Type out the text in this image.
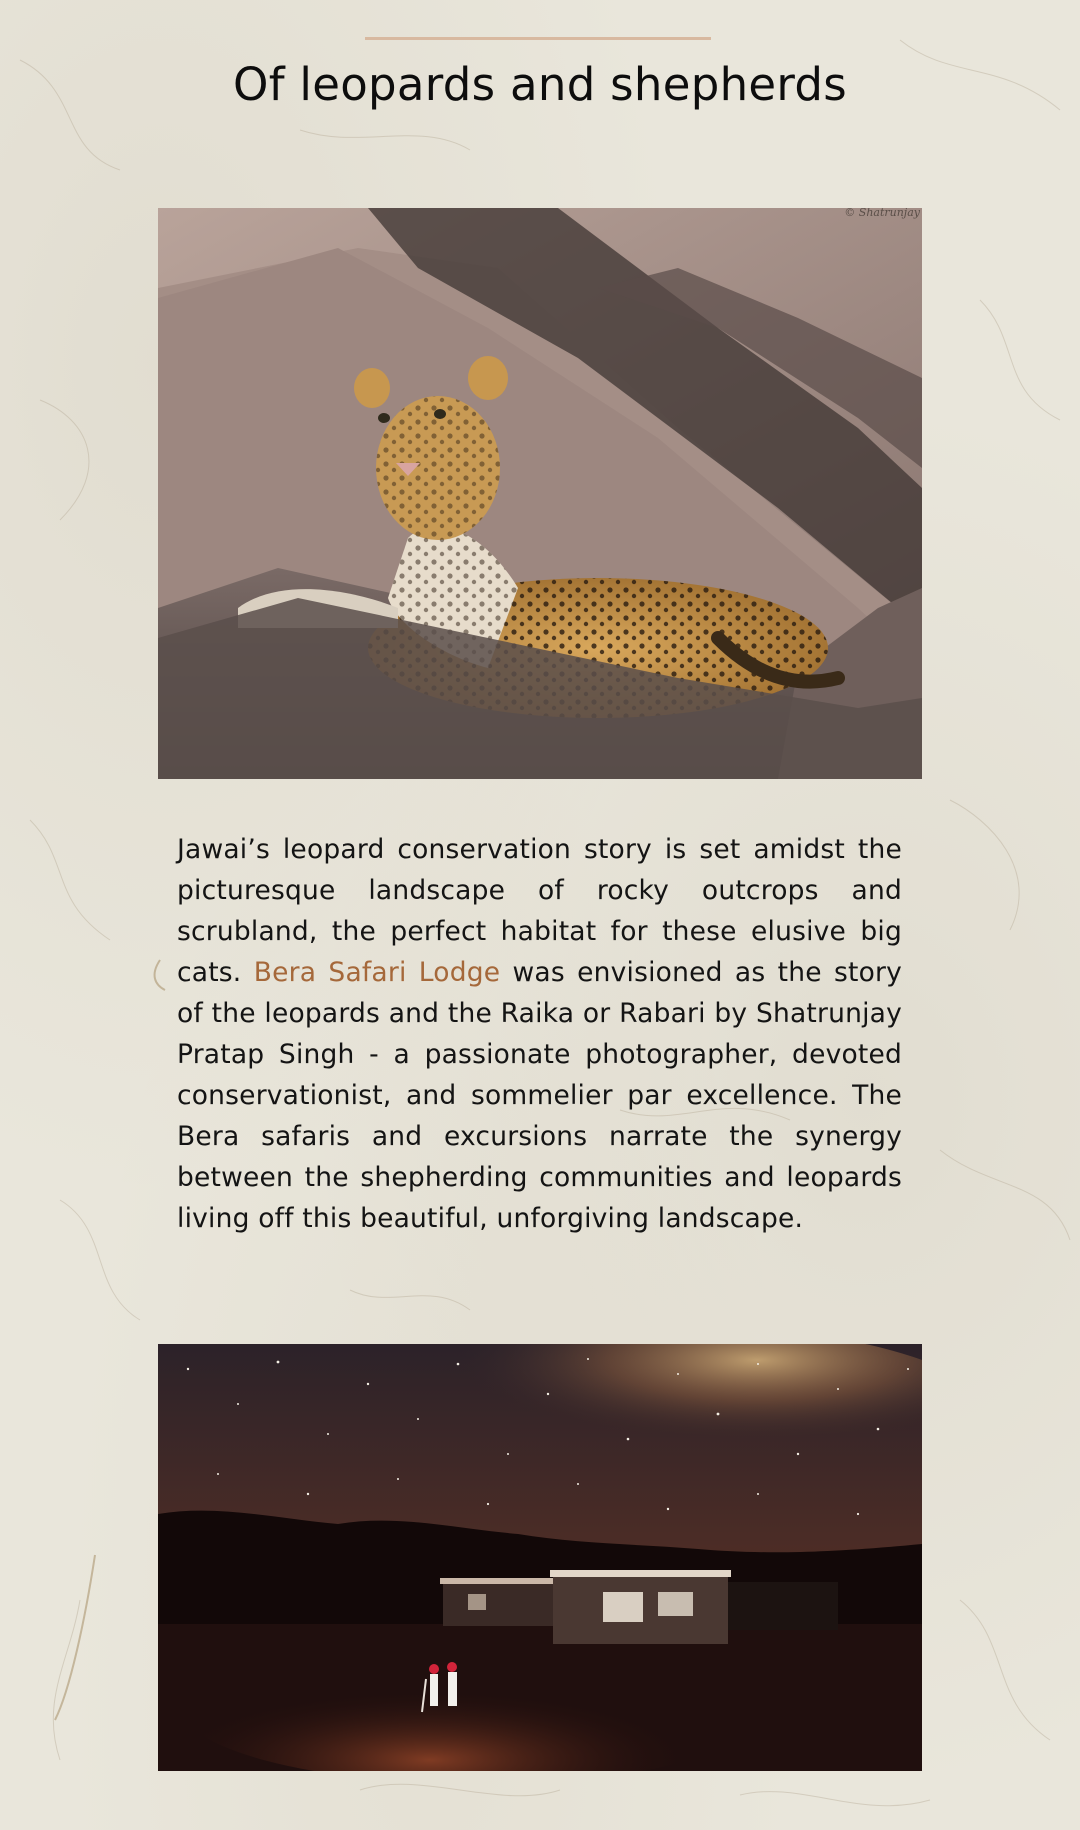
Of leopards and shepherds
© Shatrunjay

Jawai’s leopard conservation story is set amidst the picturesque landscape of rocky outcrops and scrubland, the perfect habitat for these elusive big cats. Bera Safari Lodge was envisioned as the story of the leopards and the Raika or Rabari by Shatrunjay Pratap Singh - a passionate photographer, devoted conservationist, and sommelier par excellence. The Bera safaris and excursions narrate the synergy between the shepherding communities and leopards living off this beautiful, unforgiving landscape.
